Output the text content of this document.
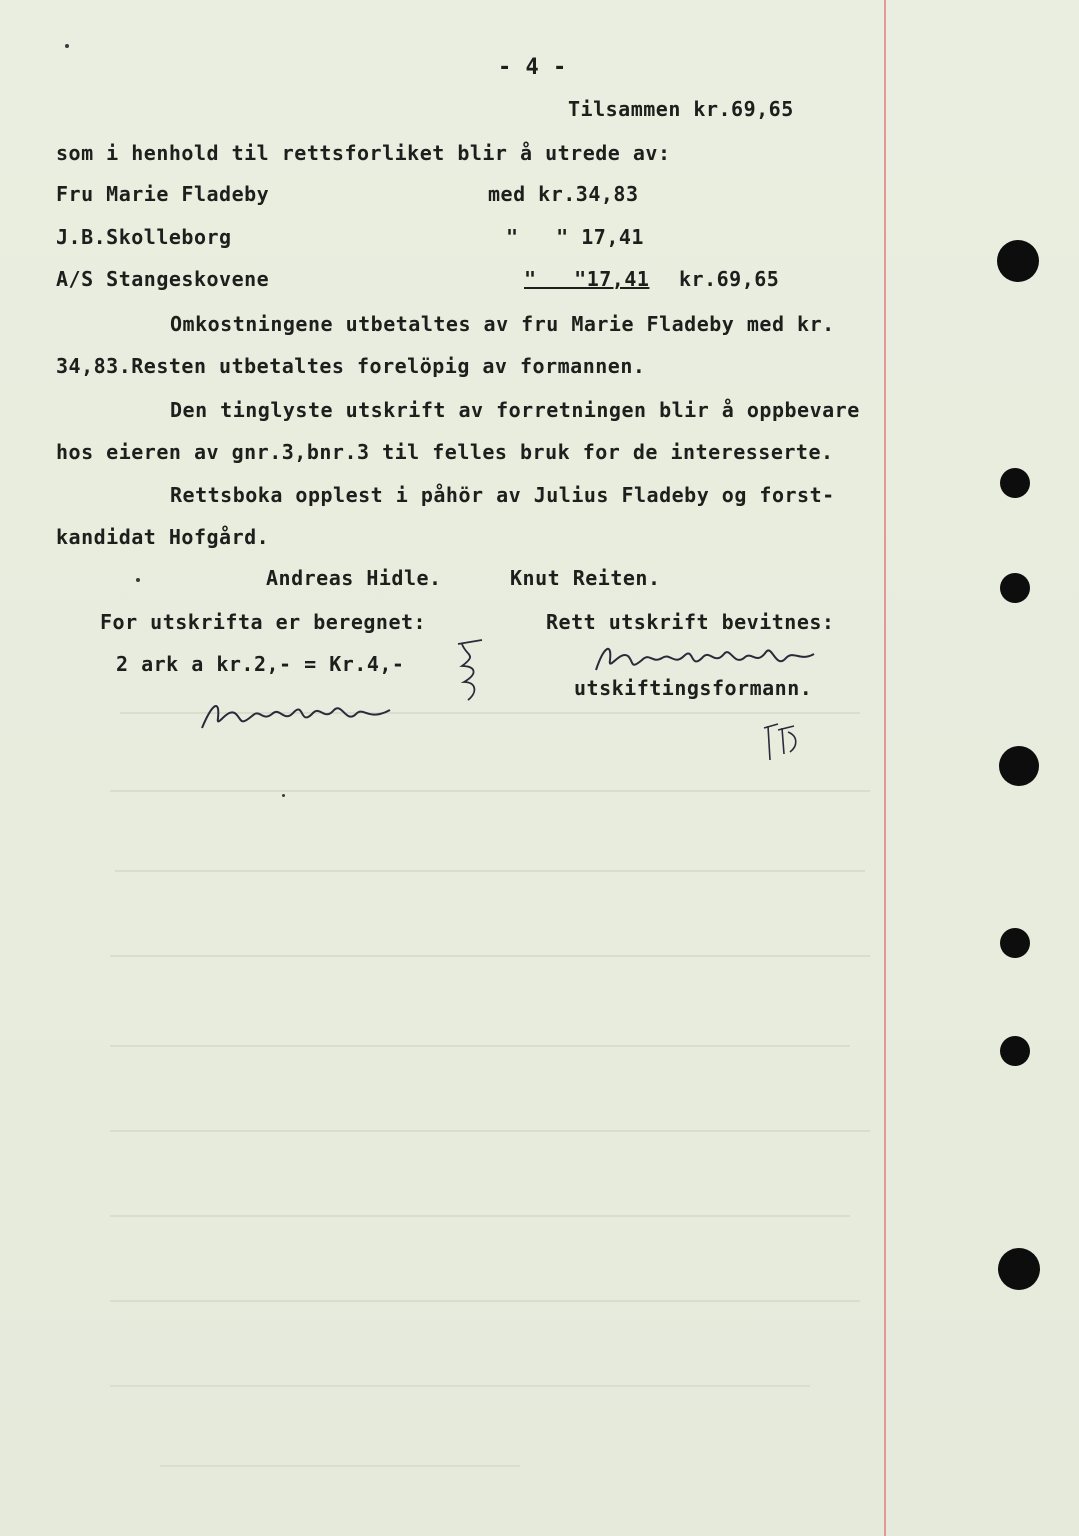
- 4 -
Tilsammen kr.69,65
som i henhold til rettsforliket blir å utrede av:
Fru Marie Fladeby	med kr.34,83
J.B.Skolleborg	"   " 17,41
A/S Stangeskovene	"   "17,41 kr.69,65
Omkostningene utbetaltes av fru Marie Fladeby med kr.
34,83.Resten utbetaltes forelöpig av formannen.
Den tinglyste utskrift av forretningen blir å oppbevare
hos eieren av gnr.3,bnr.3 til felles bruk for de interesserte.
Rettsboka opplest i påhör av Julius Fladeby og forst-
kandidat Hofgård.
Andreas Hidle.	Knut Reiten.
For utskrifta er beregnet:	Rett utskrift bevitnes:
2 ark a kr.2,- = Kr.4,-
utskiftingsformann.
